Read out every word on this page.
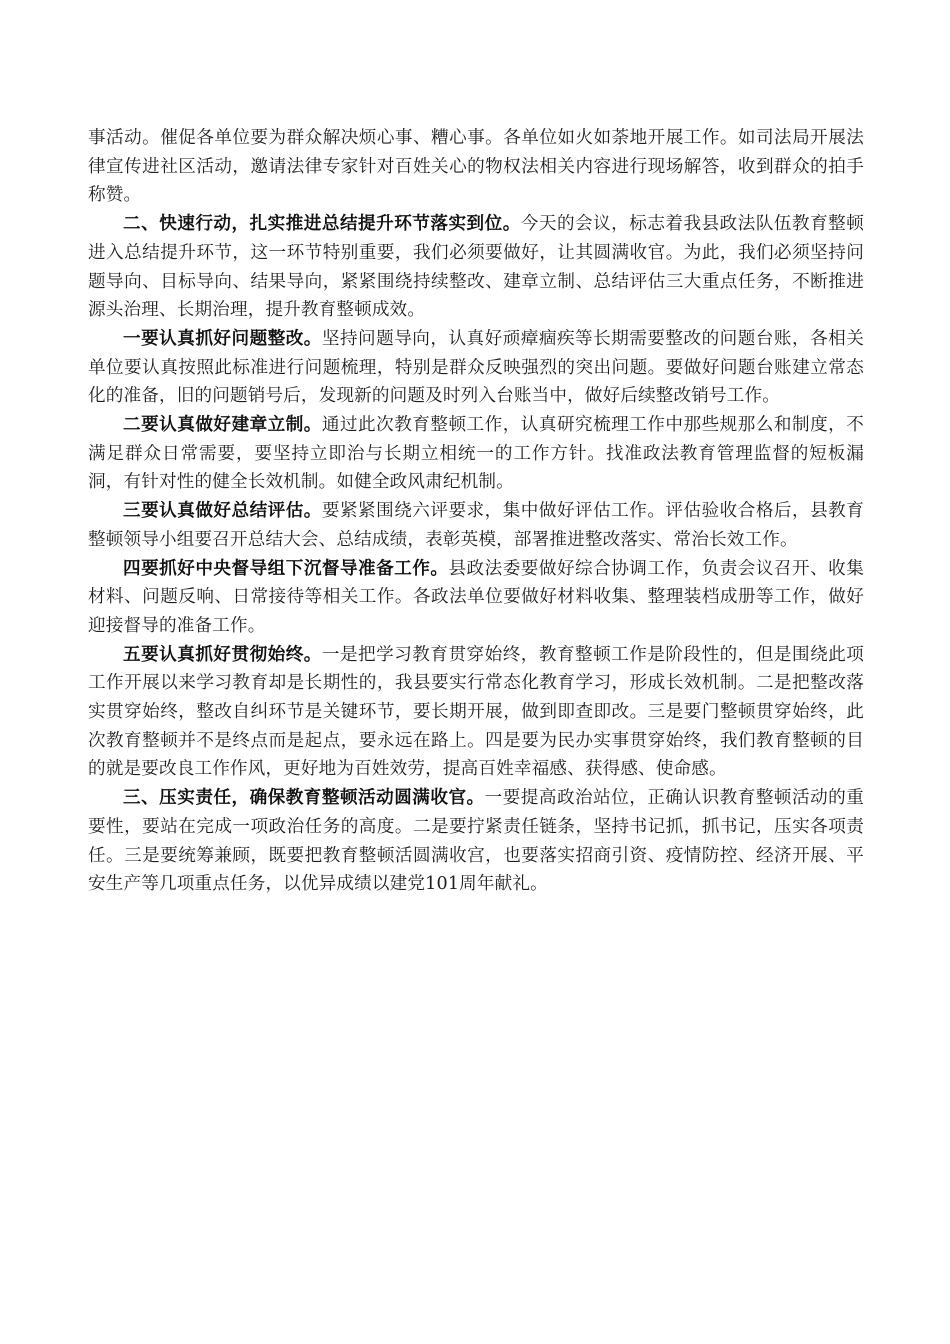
事活动。催促各单位要为群众解决烦心事、糟心事。各单位如火如荼地开展工作。如司法局开展法律宣传进社区活动，邀请法律专家针对百姓关心的物权法相关内容进行现场解答，收到群众的拍手称赞。

二、快速行动，扎实推进总结提升环节落实到位。今天的会议，标志着我县政法队伍教育整顿进入总结提升环节，这一环节特别重要，我们必须要做好，让其圆满收官。为此，我们必须坚持问题导向、目标导向、结果导向，紧紧围绕持续整改、建章立制、总结评估三大重点任务，不断推进源头治理、长期治理，提升教育整顿成效。

一要认真抓好问题整改。坚持问题导向，认真好顽瘴痼疾等长期需要整改的问题台账，各相关单位要认真按照此标准进行问题梳理，特别是群众反映强烈的突出问题。要做好问题台账建立常态化的准备，旧的问题销号后，发现新的问题及时列入台账当中，做好后续整改销号工作。

二要认真做好建章立制。通过此次教育整顿工作，认真研究梳理工作中那些规那么和制度，不满足群众日常需要，要坚持立即治与长期立相统一的工作方针。找准政法教育管理监督的短板漏洞，有针对性的健全长效机制。如健全政风肃纪机制。

三要认真做好总结评估。要紧紧围绕六评要求，集中做好评估工作。评估验收合格后，县教育整顿领导小组要召开总结大会、总结成绩，表彰英模，部署推进整改落实、常治长效工作。

四要抓好中央督导组下沉督导准备工作。县政法委要做好综合协调工作，负责会议召开、收集材料、问题反响、日常接待等相关工作。各政法单位要做好材料收集、整理装档成册等工作，做好迎接督导的准备工作。

五要认真抓好贯彻始终。一是把学习教育贯穿始终，教育整顿工作是阶段性的，但是围绕此项工作开展以来学习教育却是长期性的，我县要实行常态化教育学习，形成长效机制。二是把整改落实贯穿始终，整改自纠环节是关键环节，要长期开展，做到即查即改。三是要门整顿贯穿始终，此次教育整顿并不是终点而是起点，要永远在路上。四是要为民办实事贯穿始终，我们教育整顿的目的就是要改良工作作风，更好地为百姓效劳，提高百姓幸福感、获得感、使命感。

三、压实责任，确保教育整顿活动圆满收官。一要提高政治站位，正确认识教育整顿活动的重要性，要站在完成一项政治任务的高度。二是要拧紧责任链条，坚持书记抓，抓书记，压实各项责任。三是要统筹兼顾，既要把教育整顿活圆满收宫，也要落实招商引资、疫情防控、经济开展、平安生产等几项重点任务，以优异成绩以建党101周年献礼。
